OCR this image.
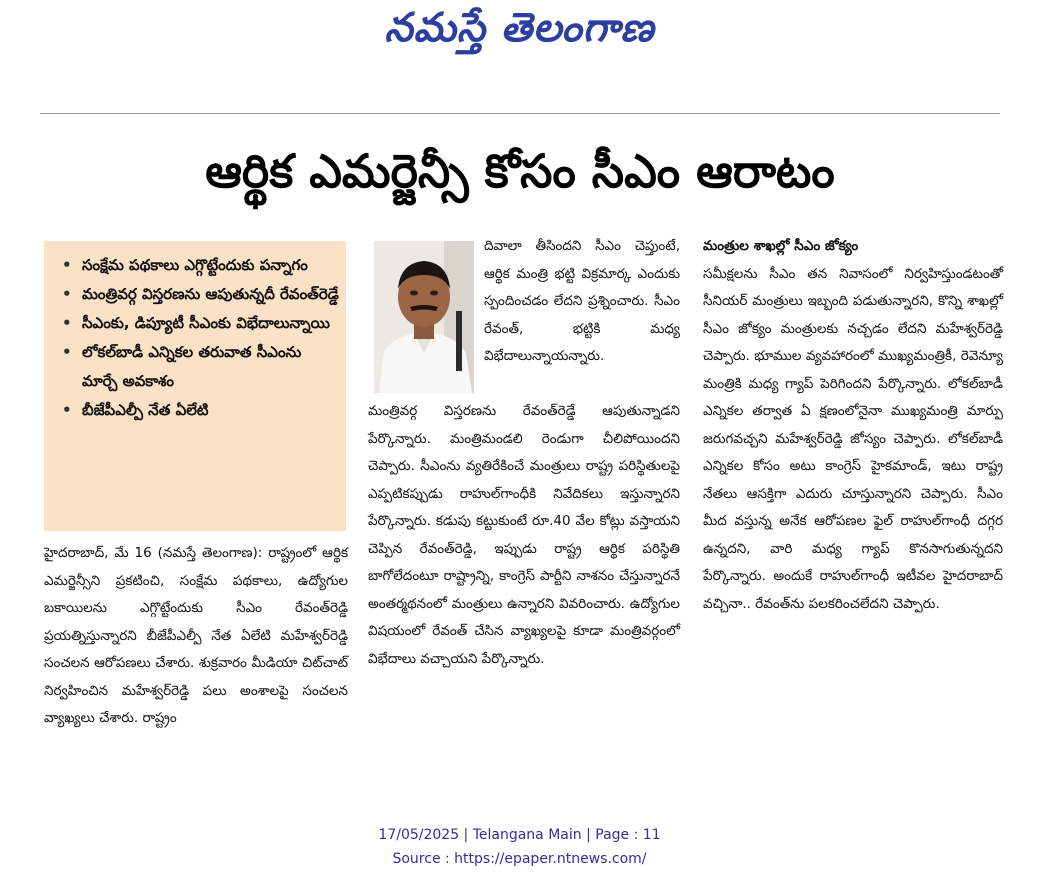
నమస్తే తెలంగాణ
ఆర్థిక ఎమర్జెన్సీ కోసం సీఎం ఆరాటం
• సంక్షేమ పథకాలు ఎగ్గొట్టేందుకు పన్నాగం
• మంత్రివర్గ విస్తరణను ఆపుతున్నదీ రేవంత్‌రెడ్డే
• సీఎంకు, డిప్యూటీ సీఎంకు విభేదాలున్నాయి
• లోకల్‌బాడీ ఎన్నికల తరువాత సీఎంను మార్చే అవకాశం
• బీజేపీఎల్పీ నేత ఏలేటి
హైదరాబాద్‌, మే 16 (నమస్తే తెలంగాణ): రాష్ట్రంలో ఆర్థిక ఎమర్జెన్సీని ప్రకటించి, సంక్షేమ పథకాలు, ఉద్యోగుల బకాయిలను ఎగ్గొట్టేందుకు సీఎం రేవంత్‌రెడ్డి ప్రయత్నిస్తున్నారని బీజేపీఎల్పీ నేత ఏలేటి మహేశ్వర్‌రెడ్డి సంచలన ఆరోపణలు చేశారు. శుక్రవారం మీడియా చిట్‌చాట్‌ నిర్వహించిన మహేశ్వర్‌రెడ్డి పలు అంశాలపై సంచలన వ్యాఖ్యలు చేశారు. రాష్ట్రం
దివాలా తీసిందని సీఎం చెప్తుంటే, ఆర్థిక మంత్రి భట్టి విక్రమార్క ఎందుకు స్పందించడం లేదని ప్రశ్నించారు. సీఎం రేవంత్‌, భట్టికి మధ్య విభేదాలున్నాయన్నారు.
మంత్రివర్గ విస్తరణను రేవంత్‌రెడ్డే ఆపుతున్నాడని పేర్కొన్నారు. మంత్రిమండలి రెండుగా చీలిపోయిందని చెప్పారు. సీఎంను వ్యతిరేకించే మంత్రులు రాష్ట్ర పరిస్థితులపై ఎప్పటికప్పుడు రాహుల్‌గాంధీకి నివేదికలు ఇస్తున్నారని పేర్కొన్నారు. కడుపు కట్టుకుంటే రూ.40 వేల కోట్లు వస్తాయని చెప్పిన రేవంత్‌రెడ్డి, ఇప్పుడు రాష్ట్ర ఆర్థిక పరిస్థితి బాగోలేదంటూ రాష్ట్రాన్ని, కాంగ్రెస్‌ పార్టీని నాశనం చేస్తున్నారనే అంతర్మథనంలో మంత్రులు ఉన్నారని వివరించారు. ఉద్యోగుల విషయంలో రేవంత్‌ చేసిన వ్యాఖ్యలపై కూడా మంత్రివర్గంలో విభేదాలు వచ్చాయని పేర్కొన్నారు.
మంత్రుల శాఖల్లో సీఎం జోక్యం
సమీక్షలను సీఎం తన నివాసంలో నిర్వహిస్తుండటంతో సీనియర్‌ మంత్రులు ఇబ్బంది పడుతున్నారని, కొన్ని శాఖల్లో సీఎం జోక్యం మంత్రులకు నచ్చడం లేదని మహేశ్వర్‌రెడ్డి చెప్పారు. భూముల వ్యవహారంలో ముఖ్యమంత్రికీ, రెవెన్యూ మంత్రికి మధ్య గ్యాప్‌ పెరిగిందని పేర్కొన్నారు. లోకల్‌బాడీ ఎన్నికల తర్వాత ఏ క్షణంలోనైనా ముఖ్యమంత్రి మార్పు జరుగవచ్చని మహేశ్వర్‌రెడ్డి జోస్యం చెప్పారు. లోకల్‌బాడీ ఎన్నికల కోసం అటు కాంగ్రెస్‌ హైకమాండ్‌, ఇటు రాష్ట్ర నేతలు ఆసక్తిగా ఎదురు చూస్తున్నారని చెప్పారు. సీఎం మీద వస్తున్న అనేక ఆరోపణల ఫైల్‌ రాహుల్‌గాంధీ దగ్గర ఉన్నదని, వారి మధ్య గ్యాప్‌ కొనసాగుతున్నదని పేర్కొన్నారు. అందుకే రాహుల్‌గాంధీ ఇటీవల హైదరాబాద్‌ వచ్చినా.. రేవంత్‌ను పలకరించలేదని చెప్పారు.
17/05/2025 | Telangana Main | Page : 11
Source : https://epaper.ntnews.com/
